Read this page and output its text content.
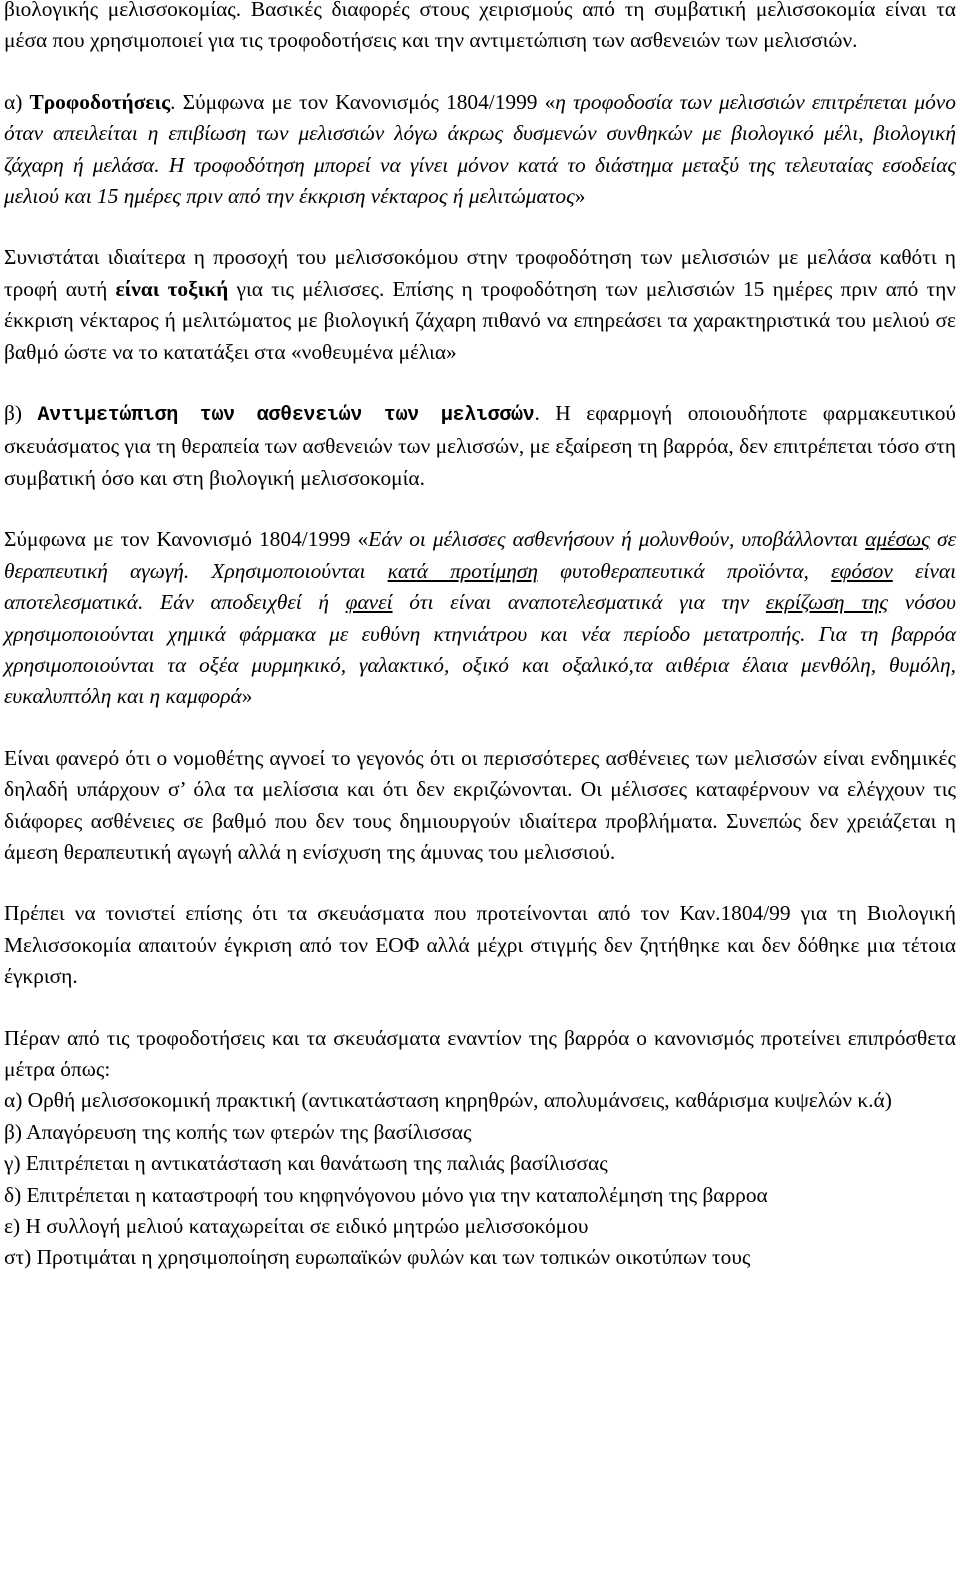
βιολογικής μελισσοκομίας. Βασικές διαφορές στους χειρισμούς από τη συμβατική μελισσοκομία είναι τα μέσα που χρησιμοποιεί για τις τροφοδοτήσεις και την αντιμετώπιση των ασθενειών των μελισσιών.

α) Τροφοδοτήσεις. Σύμφωνα με τον Κανονισμός 1804/1999 «η τροφοδοσία των μελισσιών επιτρέπεται μόνο όταν απειλείται η επιβίωση των μελισσιών λόγω άκρως δυσμενών συνθηκών με βιολογικό μέλι, βιολογική ζάχαρη ή μελάσα. Η τροφοδότηση μπορεί να γίνει μόνον κατά το διάστημα μεταξύ της τελευταίας εσοδείας μελιού και 15 ημέρες πριν από την έκκριση νέκταρος ή μελιτώματος»

Συνιστάται ιδιαίτερα η προσοχή του μελισσοκόμου στην τροφοδότηση των μελισσιών με μελάσα καθότι η τροφή αυτή είναι τοξική για τις μέλισσες. Επίσης η τροφοδότηση των μελισσιών 15 ημέρες πριν από την έκκριση νέκταρος ή μελιτώματος με βιολογική ζάχαρη πιθανό να επηρεάσει τα χαρακτηριστικά του μελιού σε βαθμό ώστε να το κατατάξει στα «νοθευμένα μέλια»

β) Αντιμετώπιση των ασθενειών των μελισσών. Η εφαρμογή οποιουδήποτε φαρμακευτικού σκευάσματος για τη θεραπεία των ασθενειών των μελισσών, με εξαίρεση τη βαρρόα, δεν επιτρέπεται τόσο στη συμβατική όσο και στη βιολογική μελισσοκομία.

Σύμφωνα με τον Κανονισμό 1804/1999 «Εάν οι μέλισσες ασθενήσουν ή μολυνθούν, υποβάλλονται αμέσως σε θεραπευτική αγωγή. Χρησιμοποιούνται κατά προτίμηση φυτοθεραπευτικά προϊόντα, εφόσον είναι αποτελεσματικά. Εάν αποδειχθεί ή φανεί ότι είναι αναποτελεσματικά για την εκρίζωση της νόσου χρησιμοποιούνται χημικά φάρμακα με ευθύνη κτηνιάτρου και νέα περίοδο μετατροπής. Για τη βαρρόα χρησιμοποιούνται τα οξέα μυρμηκικό, γαλακτικό, οξικό και οξαλικό,τα αιθέρια έλαια μενθόλη, θυμόλη, ευκαλυπτόλη και η καμφορά»

Είναι φανερό ότι ο νομοθέτης αγνοεί το γεγονός ότι οι περισσότερες ασθένειες των μελισσών είναι ενδημικές δηλαδή υπάρχουν σ’ όλα τα μελίσσια και ότι δεν εκριζώνονται. Οι μέλισσες καταφέρνουν να ελέγχουν τις διάφορες ασθένειες σε βαθμό που δεν τους δημιουργούν ιδιαίτερα προβλήματα. Συνεπώς δεν χρειάζεται η άμεση θεραπευτική αγωγή αλλά η ενίσχυση της άμυνας του μελισσιού.

Πρέπει να τονιστεί επίσης ότι τα σκευάσματα που προτείνονται από τον Καν.1804/99 για τη Βιολογική Μελισσοκομία απαιτούν έγκριση από τον ΕΟΦ αλλά μέχρι στιγμής δεν ζητήθηκε και δεν δόθηκε μια τέτοια έγκριση.

Πέραν από τις τροφοδοτήσεις και τα σκευάσματα εναντίον της βαρρόα ο κανονισμός προτείνει επιπρόσθετα μέτρα όπως:
α) Ορθή μελισσοκομική πρακτική (αντικατάσταση κηρηθρών, απολυμάνσεις, καθάρισμα κυψελών κ.ά)
β) Απαγόρευση της κοπής των φτερών της βασίλισσας
γ) Επιτρέπεται η αντικατάσταση και θανάτωση της παλιάς βασίλισσας
δ) Επιτρέπεται η καταστροφή του κηφηνόγονου μόνο για την καταπολέμηση της βαρροα
ε) Η συλλογή μελιού καταχωρείται σε ειδικό μητρώο μελισσοκόμου
στ) Προτιμάται η χρησιμοποίηση ευρωπαϊκών φυλών και των τοπικών οικοτύπων τους
